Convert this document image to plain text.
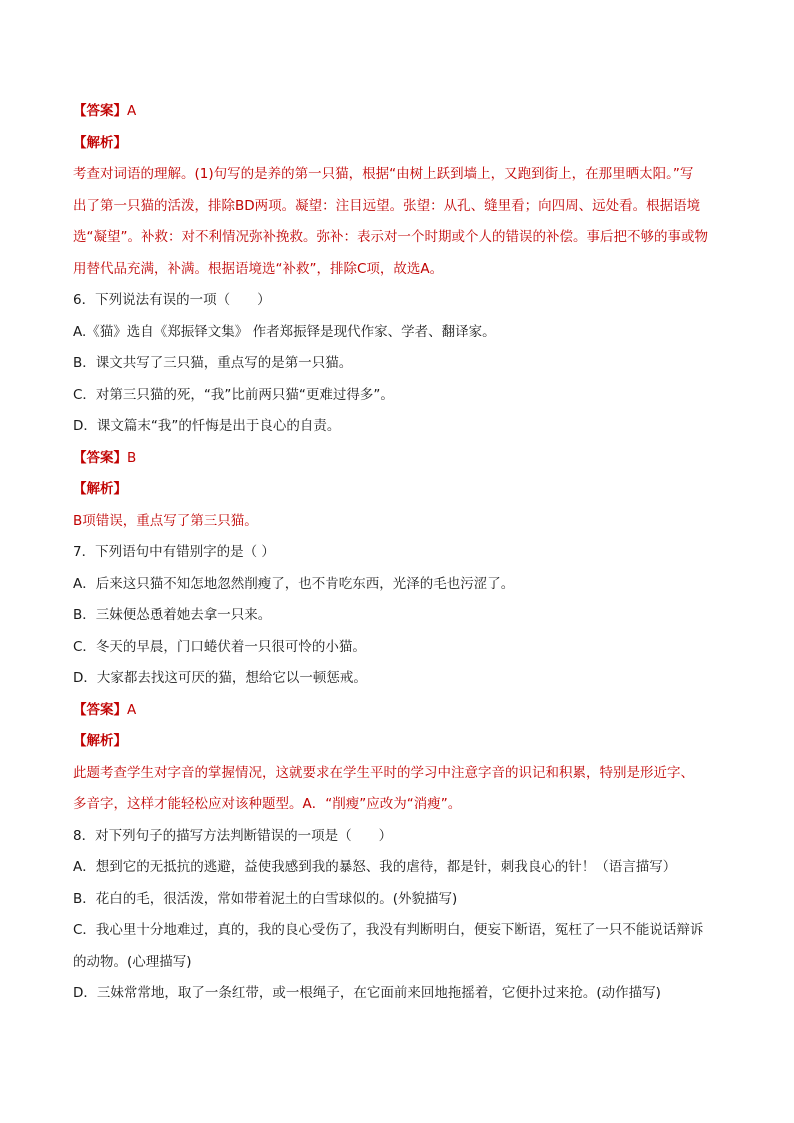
【答案】A
【解析】
考查对词语的理解。(1)句写的是养的第一只猫，根据“由树上跃到墙上，又跑到街上，在那里晒太阳。”写
出了第一只猫的活泼，排除BD两项。凝望：注目远望。张望：从孔、缝里看；向四周、远处看。根据语境
选“凝望”。补救：对不利情况弥补挽救。弥补：表示对一个时期或个人的错误的补偿。事后把不够的事或物
用替代品充满，补满。根据语境选“补救”，排除C项，故选A。
6．下列说法有误的一项（　　）
A.《猫》选自《郑振铎文集》 作者郑振铎是现代作家、学者、翻译家。
B．课文共写了三只猫，重点写的是第一只猫。
C．对第三只猫的死，“我”比前两只猫“更难过得多”。
D．课文篇末“我”的忏悔是出于良心的自责。
【答案】B
【解析】
B项错误，重点写了第三只猫。
7．下列语句中有错别字的是（ ）
A．后来这只猫不知怎地忽然削瘦了，也不肯吃东西，光泽的毛也污涩了。
B．三妹便怂恿着她去拿一只来。
C．冬天的早晨，门口蜷伏着一只很可怜的小猫。
D．大家都去找这可厌的猫，想给它以一顿惩戒。
【答案】A
【解析】
此题考查学生对字音的掌握情况，这就要求在学生平时的学习中注意字音的识记和积累，特别是形近字、
多音字，这样才能轻松应对该种题型。A．“削瘦”应改为“消瘦”。
8．对下列句子的描写方法判断错误的一项是（　　）
A．想到它的无抵抗的逃避，益使我感到我的暴怒、我的虐待，都是针，刺我良心的针！（语言描写）
B．花白的毛，很活泼，常如带着泥土的白雪球似的。(外貌描写)
C．我心里十分地难过，真的，我的良心受伤了，我没有判断明白，便妄下断语，冤枉了一只不能说话辩诉
的动物。(心理描写)
D．三妹常常地，取了一条红带，或一根绳子，在它面前来回地拖摇着，它便扑过来抢。(动作描写)
